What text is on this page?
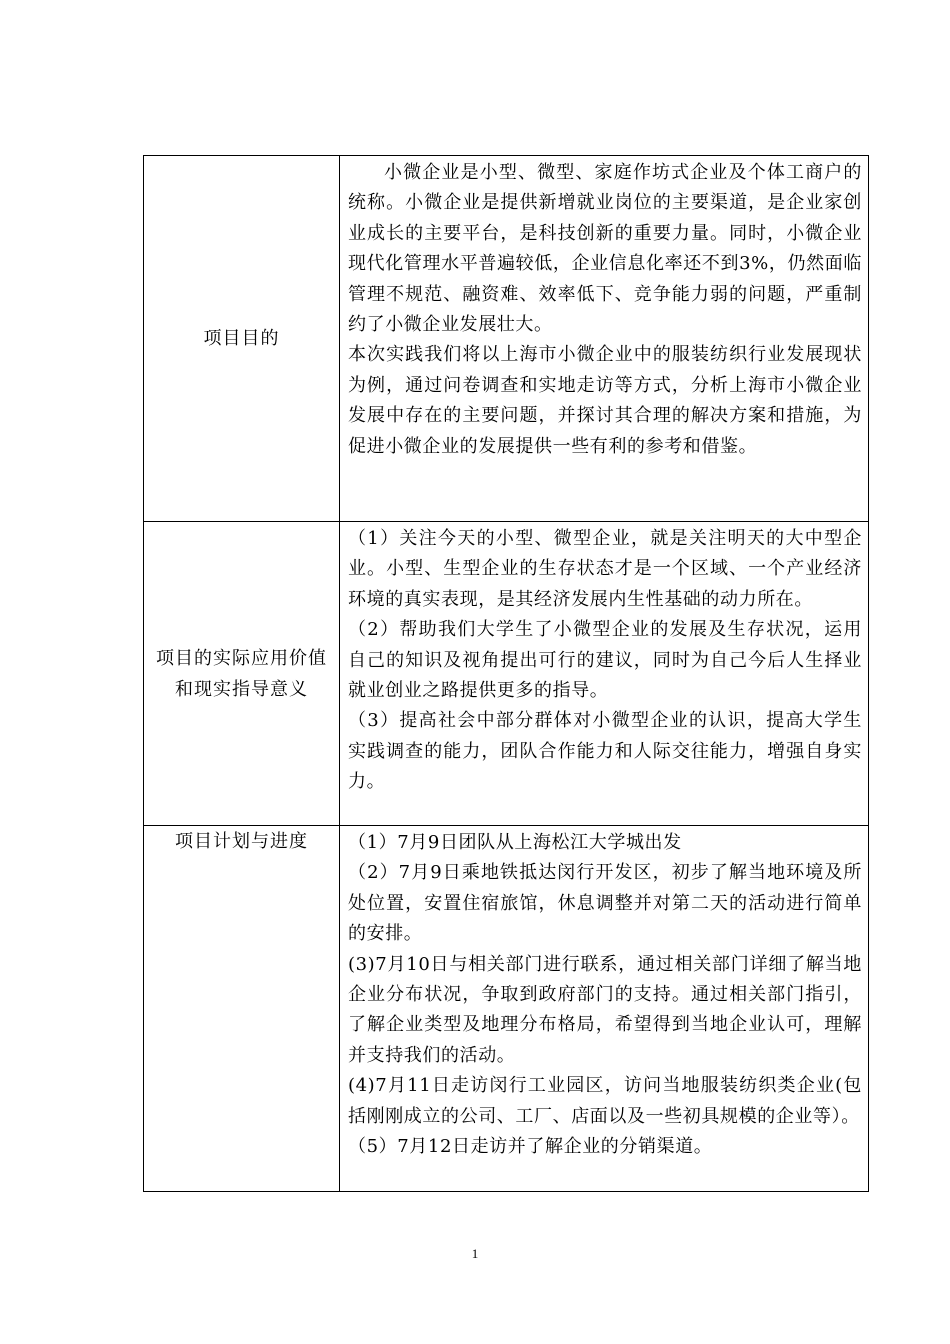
项目目的	小微企业是小型、微型、家庭作坊式企业及个体工商户的统称。小微企业是提供新增就业岗位的主要渠道，是企业家创业成长的主要平台，是科技创新的重要力量。同时，小微企业现代化管理水平普遍较低，企业信息化率还不到3%，仍然面临管理不规范、融资难、效率低下、竞争能力弱的问题，严重制约了小微企业发展壮大。

本次实践我们将以上海市小微企业中的服装纺织行业发展现状为例，通过问卷调查和实地走访等方式，分析上海市小微企业发展中存在的主要问题，并探讨其合理的解决方案和措施，为促进小微企业的发展提供一些有利的参考和借鉴。

项目的实际应用价值和现实指导意义	（1）关注今天的小型、微型企业，就是关注明天的大中型企业。小型、生型企业的生存状态才是一个区域、一个产业经济环境的真实表现，是其经济发展内生性基础的动力所在。

（2）帮助我们大学生了小微型企业的发展及生存状况，运用自己的知识及视角提出可行的建议，同时为自己今后人生择业就业创业之路提供更多的指导。

（3）提高社会中部分群体对小微型企业的认识，提高大学生实践调查的能力，团队合作能力和人际交往能力，增强自身实力。

项目计划与进度	（1）7月9日团队从上海松江大学城出发

（2）7月9日乘地铁抵达闵行开发区，初步了解当地环境及所处位置，安置住宿旅馆，休息调整并对第二天的活动进行简单的安排。

(3)7月10日与相关部门进行联系，通过相关部门详细了解当地企业分布状况，争取到政府部门的支持。通过相关部门指引，了解企业类型及地理分布格局，希望得到当地企业认可，理解并支持我们的活动。

(4)7月11日走访闵行工业园区，访问当地服装纺织类企业(包括刚刚成立的公司、工厂、店面以及一些初具规模的企业等）。

（5）7月12日走访并了解企业的分销渠道。

1
